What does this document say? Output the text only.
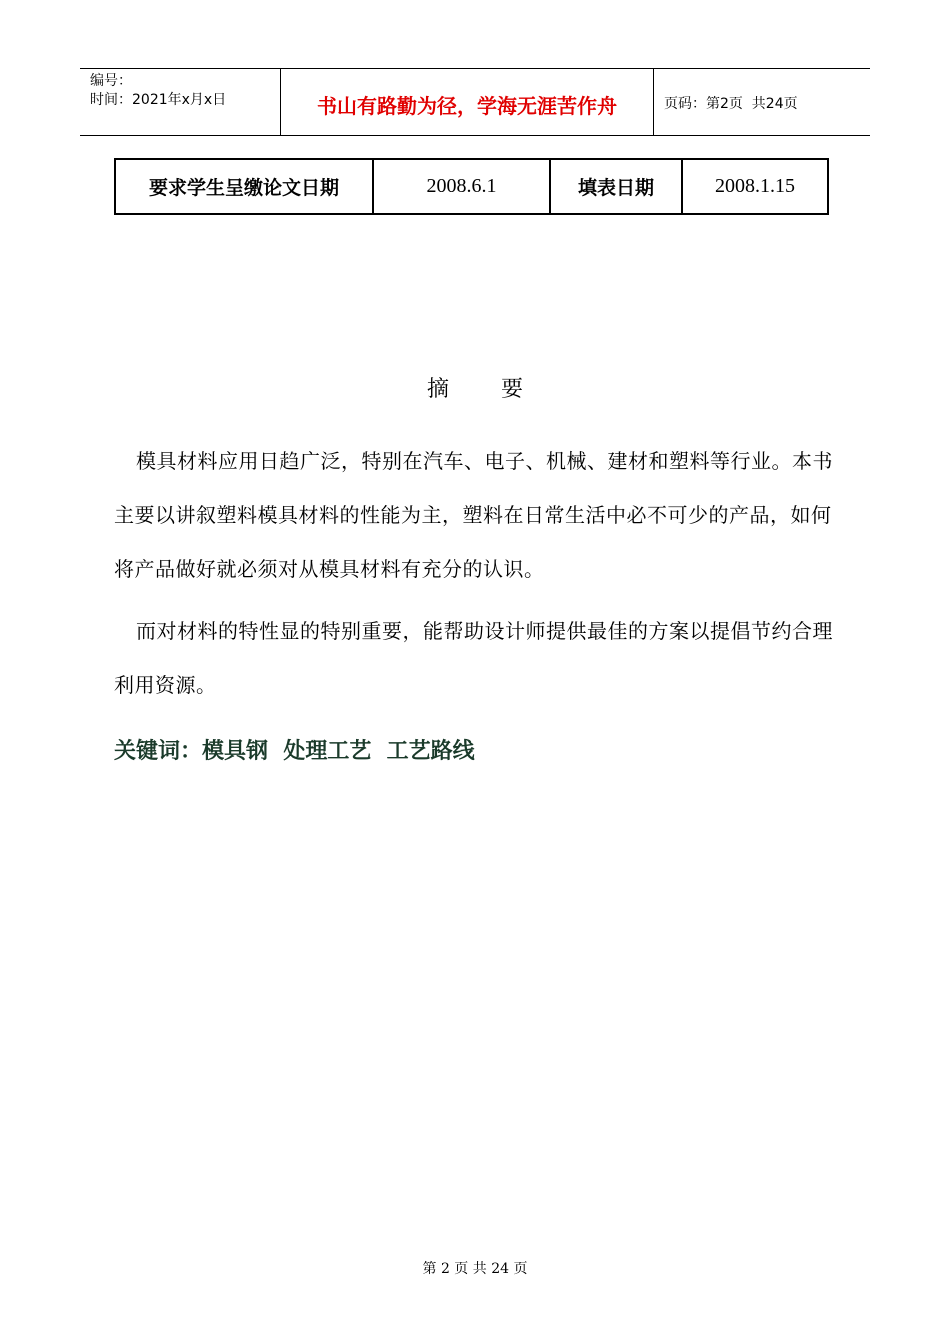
编号：
时间：2021年x月x日	书山有路勤为径，学海无涯苦作舟	页码：第2页  共24页
要求学生呈缴论文日期	2008.6.1	填表日期	2008.1.15
摘要
模具材料应用日趋广泛，特别在汽车、电子、机械、建材和塑料等行业。本书主要以讲叙塑料模具材料的性能为主，塑料在日常生活中必不可少的产品，如何将产品做好就必须对从模具材料有充分的认识。
而对材料的特性显的特别重要，能帮助设计师提供最佳的方案以提倡节约合理利用资源。
关键词：模具钢  处理工艺  工艺路线
第 2 页 共 24 页
